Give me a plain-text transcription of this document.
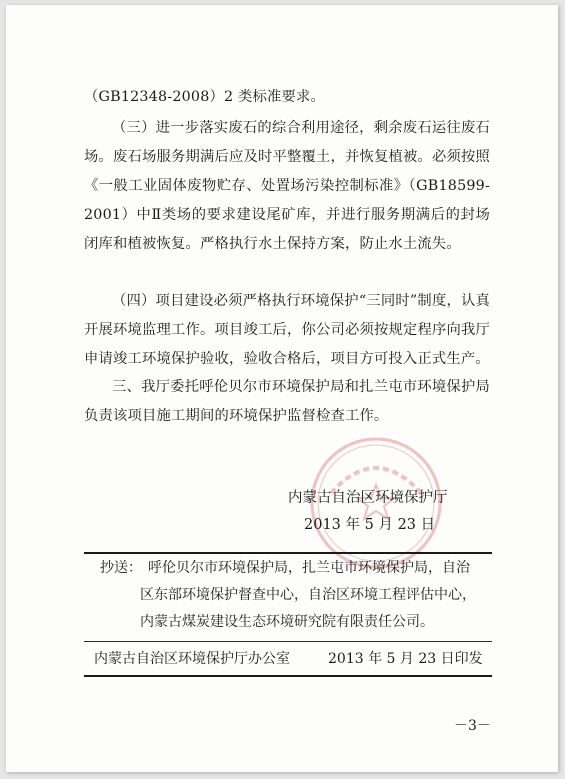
（GB12348-2008）2 类标准要求。

（三）进一步落实废石的综合利用途径，剩余废石运往废石场。废石场服务期满后应及时平整覆土，并恢复植被。必须按照《一般工业固体废物贮存、处置场污染控制标准》（GB18599-2001）中Ⅱ类场的要求建设尾矿库，并进行服务期满后的封场闭库和植被恢复。严格执行水土保持方案，防止水土流失。

（四）项目建设必须严格执行环境保护“三同时”制度，认真开展环境监理工作。项目竣工后，你公司必须按规定程序向我厅申请竣工环境保护验收，验收合格后，项目方可投入正式生产。

三、我厅委托呼伦贝尔市环境保护局和扎兰屯市环境保护局负责该项目施工期间的环境保护监督检查工作。

内蒙古自治区环境保护厅
2013 年 5 月 23 日
抄送： 呼伦贝尔市环境保护局，扎兰屯市环境保护局，自治
区东部环境保护督查中心，自治区环境工程评估中心，
内蒙古煤炭建设生态环境研究院有限责任公司。
内蒙古自治区环境保护厅办公室	2013 年 5 月 23 日印发
－3－
